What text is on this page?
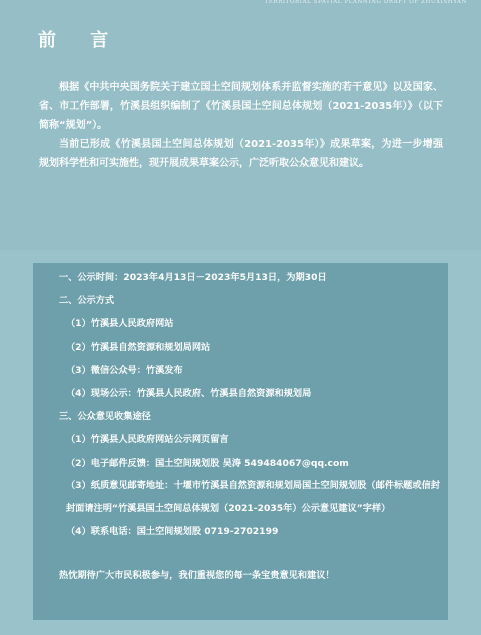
TERRITORIAL SPATIAL PLANNING DRAFT OF ZHUXISHYAN
前 言

根据《中共中央国务院关于建立国土空间规划体系并监督实施的若干意见》以及国家、省、市工作部署，竹溪县组织编制了《竹溪县国土空间总体规划（2021-2035年）》（以下简称“规划”）。

当前已形成《竹溪县国土空间总体规划（2021-2035年）》成果草案，为进一步增强规划科学性和可实施性，现开展成果草案公示，广泛听取公众意见和建议。

一、公示时间：2023年4月13日－2023年5月13日，为期30日
二、公示方式
（1）竹溪县人民政府网站
（2）竹溪县自然资源和规划局网站
（3）微信公众号：竹溪发布
（4）现场公示：竹溪县人民政府、竹溪县自然资源和规划局
三、公众意见收集途径
（1）竹溪县人民政府网站公示网页留言
（2）电子邮件反馈：国土空间规划股 吴涛 549484067@qq.com
（3）纸质意见邮寄地址：十堰市竹溪县自然资源和规划局国土空间规划股（邮件标题或信封封面请注明“竹溪县国土空间总体规划（2021-2035年）公示意见建议”字样）
（4）联系电话：国土空间规划股 0719-2702199
热忱期待广大市民积极参与，我们重视您的每一条宝贵意见和建议！
